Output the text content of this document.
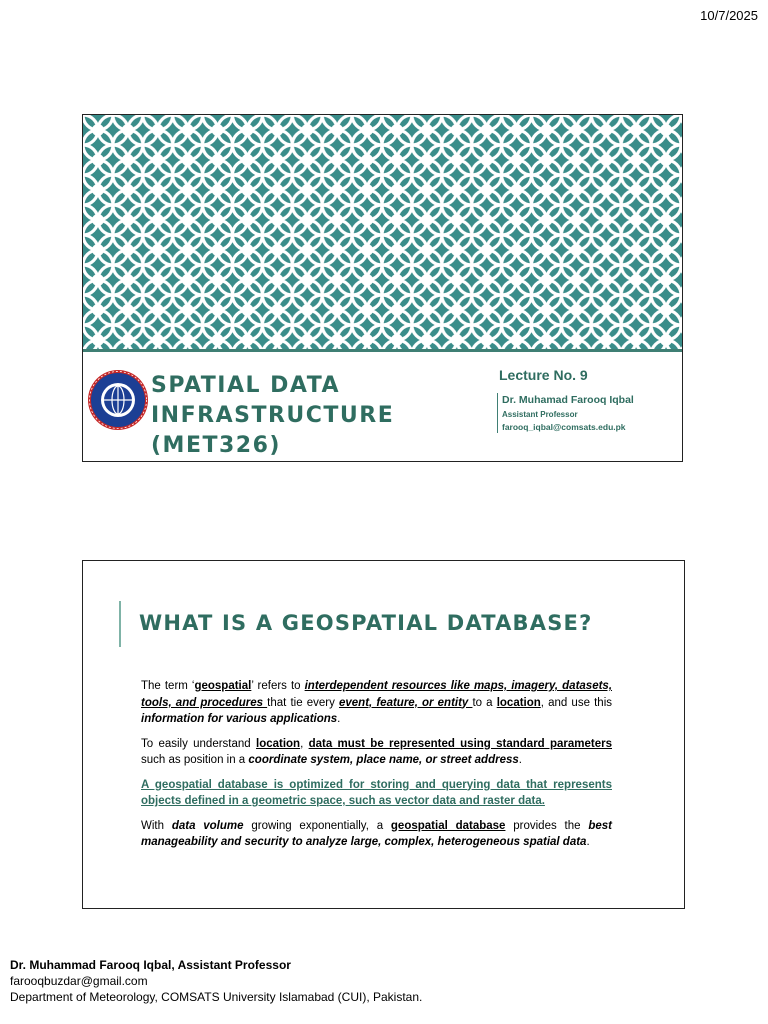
10/7/2025
SPATIAL DATA
INFRASTRUCTURE (MET326)
Lecture No. 9
Dr. Muhamad Farooq Iqbal
Assistant Professor
farooq_iqbal@comsats.edu.pk
WHAT IS A GEOSPATIAL DATABASE?

The term ‘geospatial’ refers to interdependent resources like maps, imagery, datasets, tools, and procedures that tie every event, feature, or entity to a location, and use this information for various applications.

To easily understand location, data must be represented using standard parameters such as position in a coordinate system, place name, or street address.

A geospatial database is optimized for storing and querying data that represents objects defined in a geometric space, such as vector data and raster data.

With data volume growing exponentially, a geospatial database provides the best manageability and security to analyze large, complex, heterogeneous spatial data.

Dr. Muhammad Farooq Iqbal, Assistant Professor
farooqbuzdar@gmail.com
Department of Meteorology, COMSATS University Islamabad (CUI), Pakistan.
